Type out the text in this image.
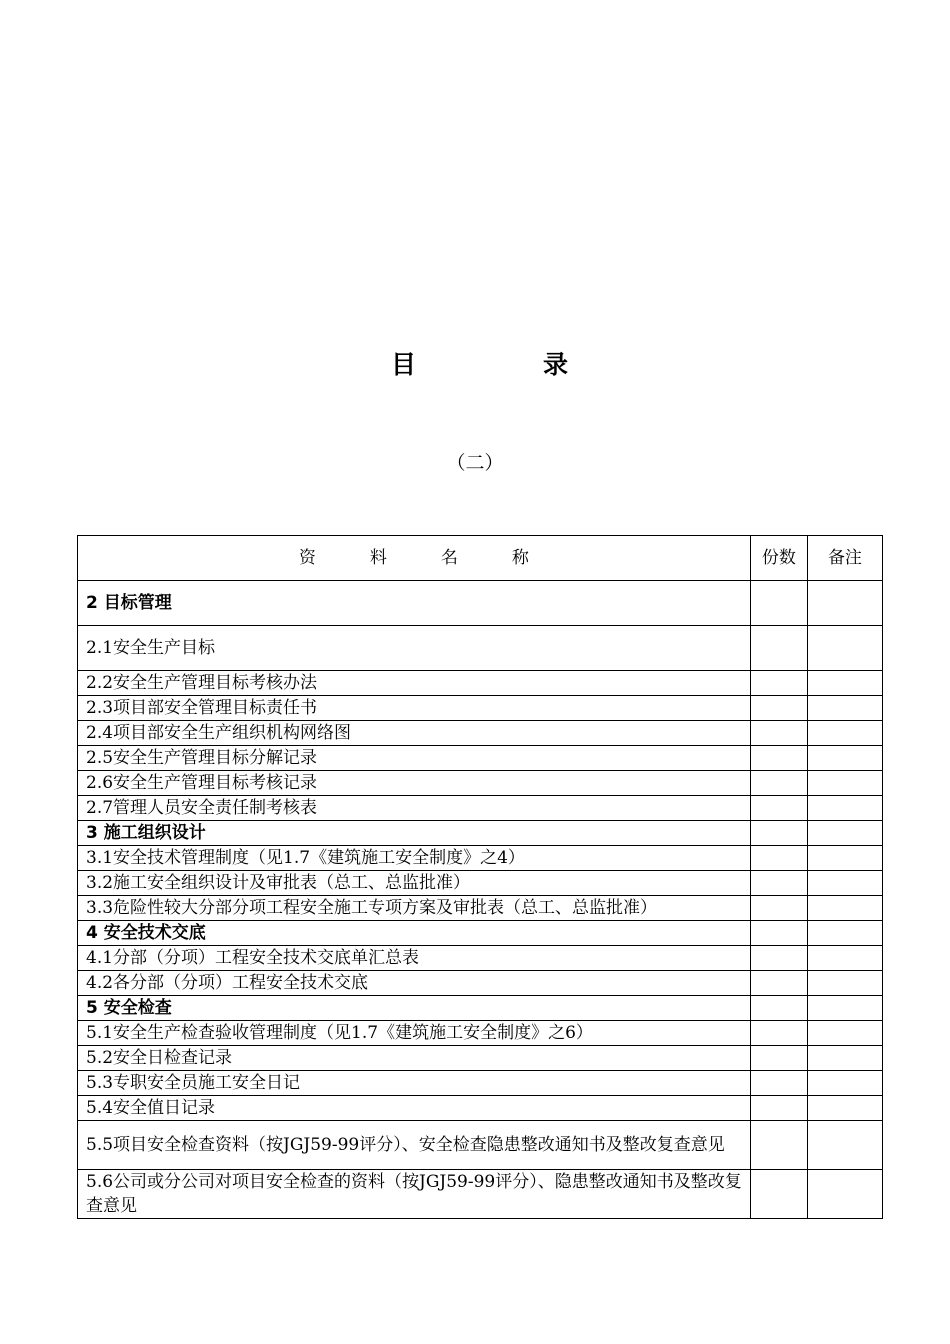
目	录
（二）
资 料 名 称	份数	备注
2 目标管理		
2.1安全生产目标		
2.2安全生产管理目标考核办法		
2.3项目部安全管理目标责任书		
2.4项目部安全生产组织机构网络图		
2.5安全生产管理目标分解记录		
2.6安全生产管理目标考核记录		
2.7管理人员安全责任制考核表		
3 施工组织设计		
3.1安全技术管理制度（见1.7《建筑施工安全制度》之4）		
3.2施工安全组织设计及审批表（总工、总监批准）		
3.3危险性较大分部分项工程安全施工专项方案及审批表（总工、总监批准）		
4 安全技术交底		
4.1分部（分项）工程安全技术交底单汇总表		
4.2各分部（分项）工程安全技术交底		
5 安全检查		
5.1安全生产检查验收管理制度（见1.7《建筑施工安全制度》之6）		
5.2安全日检查记录		
5.3专职安全员施工安全日记		
5.4安全值日记录		
5.5项目安全检查资料（按JGJ59-99评分）、安全检查隐患整改通知书及整改复查意见		
5.6公司或分公司对项目安全检查的资料（按JGJ59-99评分）、隐患整改通知书及整改复查意见		
